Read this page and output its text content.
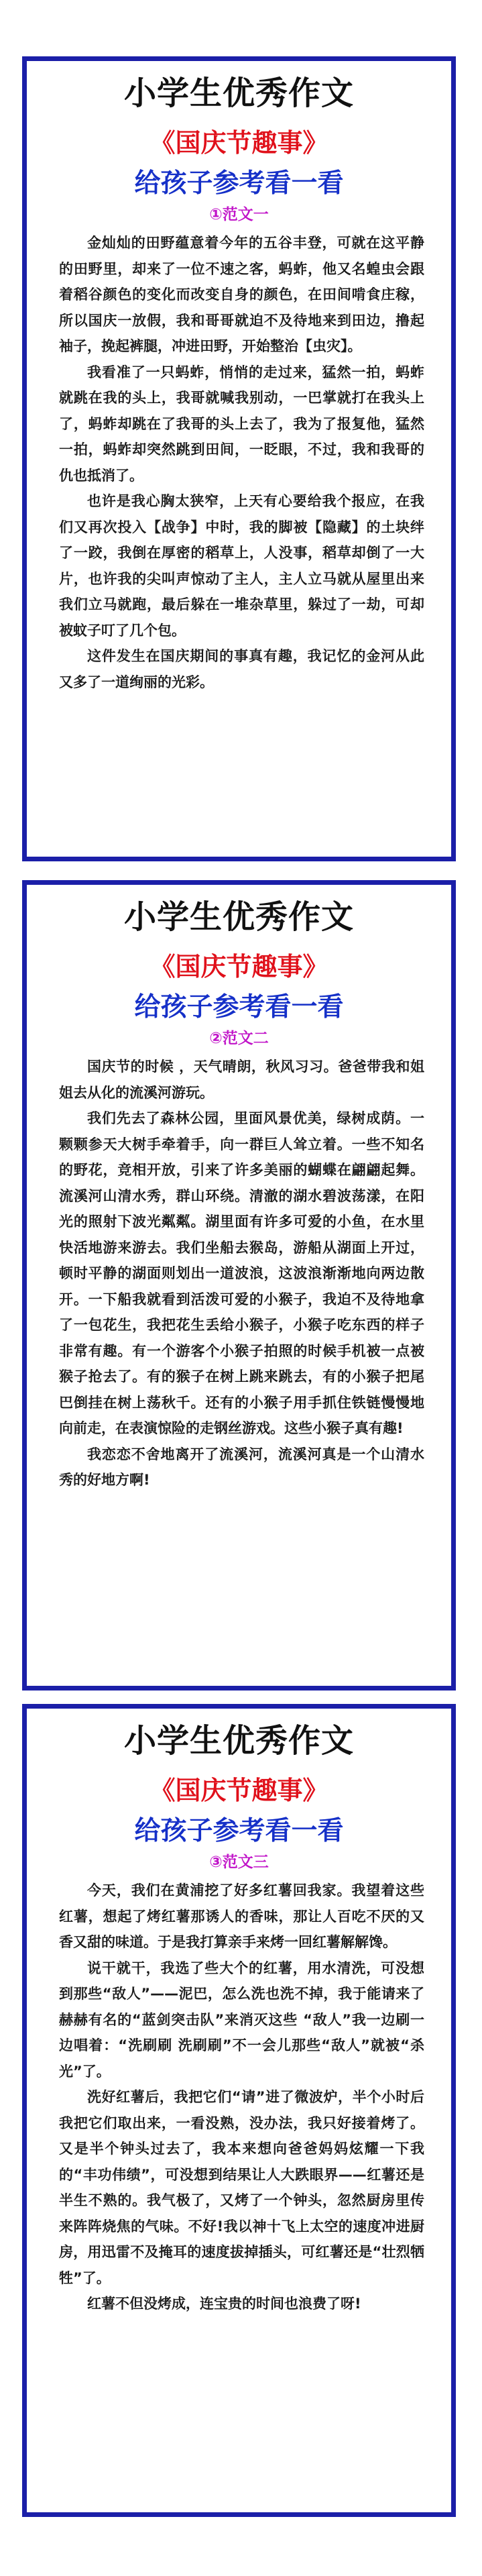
小学生优秀作文
《国庆节趣事》
给孩子参考看一看
①范文一

金灿灿的田野蕴意着今年的五谷丰登，可就在这平静的田野里，却来了一位不速之客，蚂蚱，他又名蝗虫会跟着稻谷颜色的变化而改变自身的颜色，在田间啃食庄稼，所以国庆一放假，我和哥哥就迫不及待地来到田边，撸起袖子，挽起裤腿，冲进田野，开始整治【虫灾】。

我看准了一只蚂蚱，悄悄的走过来，猛然一拍，蚂蚱就跳在我的头上，我哥就喊我别动，一巴掌就打在我头上了，蚂蚱却跳在了我哥的头上去了，我为了报复他，猛然一拍，蚂蚱却突然跳到田间，一眨眼，不过，我和我哥的仇也抵消了。

也许是我心胸太狭窄，上天有心要给我个报应，在我们又再次投入【战争】中时，我的脚被【隐藏】的土块绊了一跤，我倒在厚密的稻草上，人没事，稻草却倒了一大片，也许我的尖叫声惊动了主人，主人立马就从屋里出来我们立马就跑，最后躲在一堆杂草里，躲过了一劫，可却被蚊子叮了几个包。

这件发生在国庆期间的事真有趣，我记忆的金河从此又多了一道绚丽的光彩。

小学生优秀作文
《国庆节趣事》
给孩子参考看一看
②范文二

国庆节的时候 ，天气晴朗，秋风习习。爸爸带我和姐姐去从化的流溪河游玩。

我们先去了森林公园，里面风景优美，绿树成荫。一颗颗参天大树手牵着手，向一群巨人耸立着。一些不知名的野花，竞相开放，引来了许多美丽的蝴蝶在翩翩起舞。流溪河山清水秀，群山环绕。清澈的湖水碧波荡漾，在阳光的照射下波光粼粼。湖里面有许多可爱的小鱼，在水里快活地游来游去。我们坐船去猴岛，游船从湖面上开过，顿时平静的湖面则划出一道波浪，这波浪渐渐地向两边散开。一下船我就看到活泼可爱的小猴子，我迫不及待地拿了一包花生，我把花生丢给小猴子，小猴子吃东西的样子非常有趣。有一个游客个小猴子拍照的时候手机被一点被猴子抢去了。有的猴子在树上跳来跳去，有的小猴子把尾巴倒挂在树上荡秋千。还有的小猴子用手抓住铁链慢慢地向前走，在表演惊险的走钢丝游戏。这些小猴子真有趣!

我恋恋不舍地离开了流溪河，流溪河真是一个山清水秀的好地方啊!

小学生优秀作文
《国庆节趣事》
给孩子参考看一看
③范文三

今天，我们在黄浦挖了好多红薯回我家。我望着这些红薯，想起了烤红薯那诱人的香味，那让人百吃不厌的又香又甜的味道。于是我打算亲手来烤一回红薯解解馋。

说干就干，我选了些大个的红薯，用水清洗，可没想到那些“敌人”——泥巴，怎么洗也洗不掉，我于能请来了赫赫有名的“蓝剑突击队”来消灭这些 “敌人”我一边刷一边唱着：“洗刷刷 洗刷刷”不一会儿那些“敌人”就被“杀光”了。

洗好红薯后，我把它们“请”进了微波炉，半个小时后我把它们取出来，一看没熟，没办法，我只好接着烤了。又是半个钟头过去了，我本来想向爸爸妈妈炫耀一下我的“丰功伟绩”，可没想到结果让人大跌眼界——红薯还是半生不熟的。我气极了，又烤了一个钟头，忽然厨房里传来阵阵烧焦的气味。不好!我以神十飞上太空的速度冲进厨房，用迅雷不及掩耳的速度拔掉插头，可红薯还是“壮烈牺牲”了。

红薯不但没烤成，连宝贵的时间也浪费了呀!
